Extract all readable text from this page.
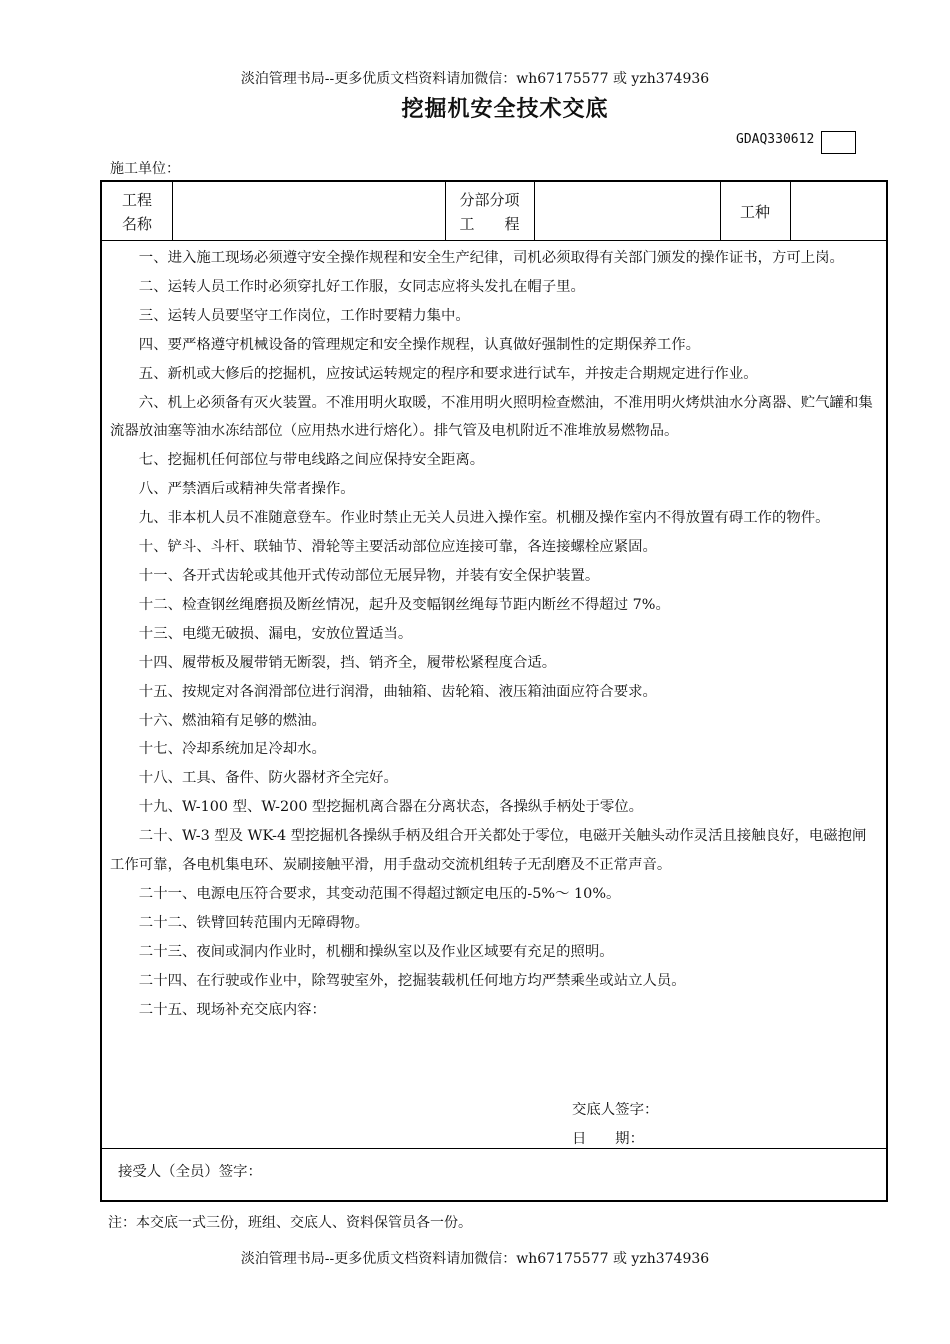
淡泊管理书局--更多优质文档资料请加微信：wh67175577 或 yzh374936
挖掘机安全技术交底
GDAQ330612
施工单位：
工程
名称
分部分项
工　　程
工种

一、进入施工现场必须遵守安全操作规程和安全生产纪律，司机必须取得有关部门颁发的操作证书，方可上岗。

二、运转人员工作时必须穿扎好工作服，女同志应将头发扎在帽子里。

三、运转人员要坚守工作岗位，工作时要精力集中。

四、要严格遵守机械设备的管理规定和安全操作规程，认真做好强制性的定期保养工作。

五、新机或大修后的挖掘机，应按试运转规定的程序和要求进行试车，并按走合期规定进行作业。

六、机上必须备有灭火装置。不准用明火取暖，不准用明火照明检查燃油，不准用明火烤烘油水分离器、贮气罐和集流器放油塞等油水冻结部位（应用热水进行熔化）。排气管及电机附近不准堆放易燃物品。

七、挖掘机任何部位与带电线路之间应保持安全距离。

八、严禁酒后或精神失常者操作。

九、非本机人员不准随意登车。作业时禁止无关人员进入操作室。机棚及操作室内不得放置有碍工作的物件。

十、铲斗、斗杆、联轴节、滑轮等主要活动部位应连接可靠，各连接螺栓应紧固。

十一、各开式齿轮或其他开式传动部位无展异物，并装有安全保护装置。

十二、检查钢丝绳磨损及断丝情况，起升及变幅钢丝绳每节距内断丝不得超过 7%。

十三、电缆无破损、漏电，安放位置适当。

十四、履带板及履带销无断裂，挡、销齐全，履带松紧程度合适。

十五、按规定对各润滑部位进行润滑，曲轴箱、齿轮箱、液压箱油面应符合要求。

十六、燃油箱有足够的燃油。

十七、冷却系统加足冷却水。

十八、工具、备件、防火器材齐全完好。

十九、W-100 型、W-200 型挖掘机离合器在分离状态，各操纵手柄处于零位。

二十、W-3 型及 WK-4 型挖掘机各操纵手柄及组合开关都处于零位，电磁开关触头动作灵活且接触良好，电磁抱闸工作可靠，各电机集电环、炭刷接触平滑，用手盘动交流机组转子无刮磨及不正常声音。

二十一、电源电压符合要求，其变动范围不得超过额定电压的-5%～ 10%。

二十二、铁臂回转范围内无障碍物。

二十三、夜间或洞内作业时，机棚和操纵室以及作业区域要有充足的照明。

二十四、在行驶或作业中，除驾驶室外，挖掘装载机任何地方均严禁乘坐或站立人员。

二十五、现场补充交底内容：

交底人签字：
日　　期：
接受人（全员）签字：
注：本交底一式三份，班组、交底人、资料保管员各一份。
淡泊管理书局--更多优质文档资料请加微信：wh67175577 或 yzh374936
